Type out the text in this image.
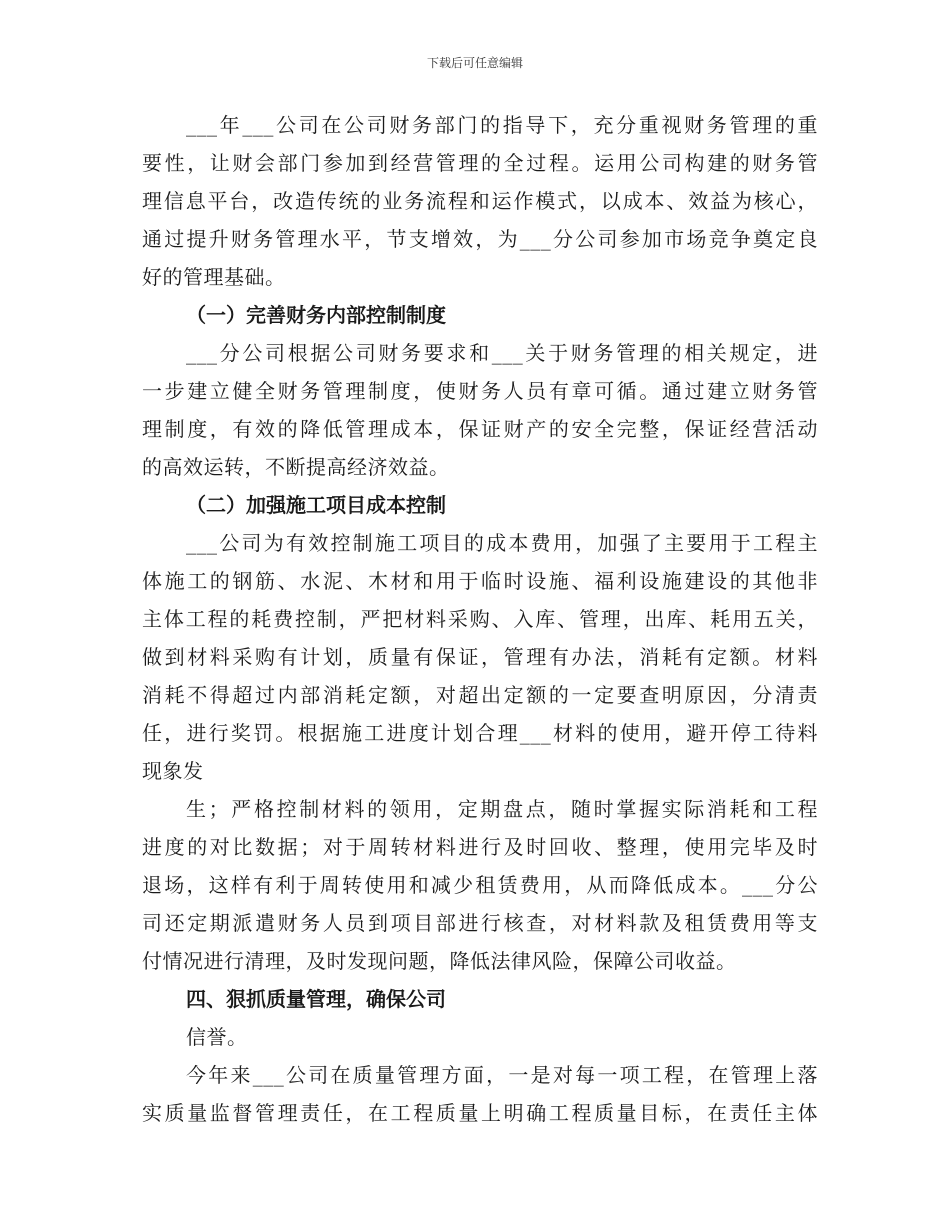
下载后可任意编辑
___年___公司在公司财务部门的指导下，充分重视财务管理的重
要性，让财会部门参加到经营管理的全过程。运用公司构建的财务管
理信息平台，改造传统的业务流程和运作模式，以成本、效益为核心，
通过提升财务管理水平，节支增效，为___分公司参加市场竞争奠定良
好的管理基础。
（一）完善财务内部控制制度
___分公司根据公司财务要求和___关于财务管理的相关规定，进
一步建立健全财务管理制度，使财务人员有章可循。通过建立财务管
理制度，有效的降低管理成本，保证财产的安全完整，保证经营活动
的高效运转，不断提高经济效益。
（二）加强施工项目成本控制
___公司为有效控制施工项目的成本费用，加强了主要用于工程主
体施工的钢筋、水泥、木材和用于临时设施、福利设施建设的其他非
主体工程的耗费控制，严把材料采购、入库、管理，出库、耗用五关，
做到材料采购有计划，质量有保证，管理有办法，消耗有定额。材料
消耗不得超过内部消耗定额，对超出定额的一定要查明原因，分清责
任，进行奖罚。根据施工进度计划合理___材料的使用，避开停工待料
现象发
生；严格控制材料的领用，定期盘点，随时掌握实际消耗和工程
进度的对比数据；对于周转材料进行及时回收、整理，使用完毕及时
退场，这样有利于周转使用和减少租赁费用，从而降低成本。___分公
司还定期派遣财务人员到项目部进行核查，对材料款及租赁费用等支
付情况进行清理，及时发现问题，降低法律风险，保障公司收益。
四、狠抓质量管理，确保公司
信誉。
今年来___公司在质量管理方面，一是对每一项工程，在管理上落
实质量监督管理责任，在工程质量上明确工程质量目标，在责任主体
